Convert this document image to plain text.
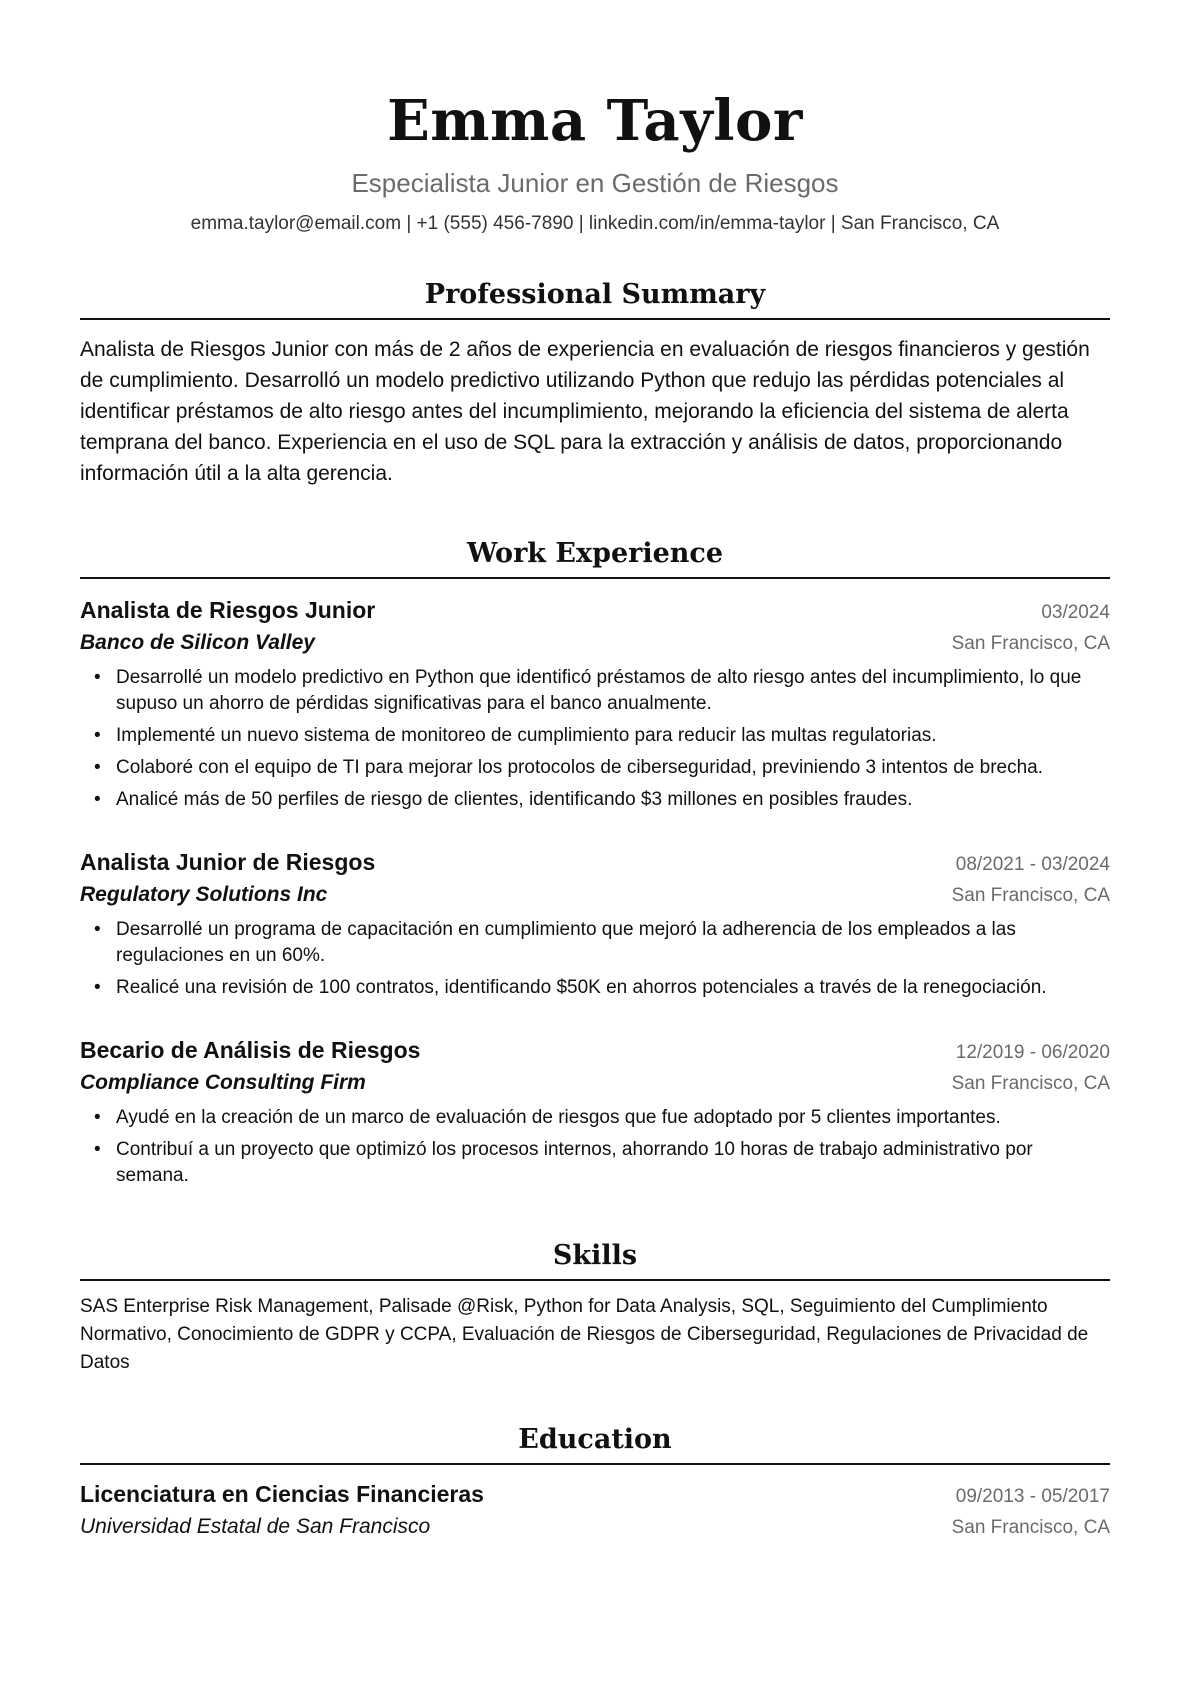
Emma Taylor
Especialista Junior en Gestión de Riesgos
emma.taylor@email.com | +1 (555) 456-7890 | linkedin.com/in/emma-taylor | San Francisco, CA
Professional Summary

Analista de Riesgos Junior con más de 2 años de experiencia en evaluación de riesgos financieros y gestión de cumplimiento. Desarrolló un modelo predictivo utilizando Python que redujo las pérdidas potenciales al identificar préstamos de alto riesgo antes del incumplimiento, mejorando la eficiencia del sistema de alerta temprana del banco. Experiencia en el uso de SQL para la extracción y análisis de datos, proporcionando información útil a la alta gerencia.

Work Experience
Analista de Riesgos Junior	03/2024
Banco de Silicon Valley	San Francisco, CA
• Desarrollé un modelo predictivo en Python que identificó préstamos de alto riesgo antes del incumplimiento, lo que supuso un ahorro de pérdidas significativas para el banco anualmente.
• Implementé un nuevo sistema de monitoreo de cumplimiento para reducir las multas regulatorias.
• Colaboré con el equipo de TI para mejorar los protocolos de ciberseguridad, previniendo 3 intentos de brecha.
• Analicé más de 50 perfiles de riesgo de clientes, identificando $3 millones en posibles fraudes.
Analista Junior de Riesgos	08/2021 - 03/2024
Regulatory Solutions Inc	San Francisco, CA
• Desarrollé un programa de capacitación en cumplimiento que mejoró la adherencia de los empleados a las regulaciones en un 60%.
• Realicé una revisión de 100 contratos, identificando $50K en ahorros potenciales a través de la renegociación.
Becario de Análisis de Riesgos	12/2019 - 06/2020
Compliance Consulting Firm	San Francisco, CA
• Ayudé en la creación de un marco de evaluación de riesgos que fue adoptado por 5 clientes importantes.
• Contribuí a un proyecto que optimizó los procesos internos, ahorrando 10 horas de trabajo administrativo por semana.
Skills
SAS Enterprise Risk Management, Palisade @Risk, Python for Data Analysis, SQL, Seguimiento del Cumplimiento Normativo, Conocimiento de GDPR y CCPA, Evaluación de Riesgos de Ciberseguridad, Regulaciones de Privacidad de Datos
Education
Licenciatura en Ciencias Financieras	09/2013 - 05/2017
Universidad Estatal de San Francisco	San Francisco, CA
